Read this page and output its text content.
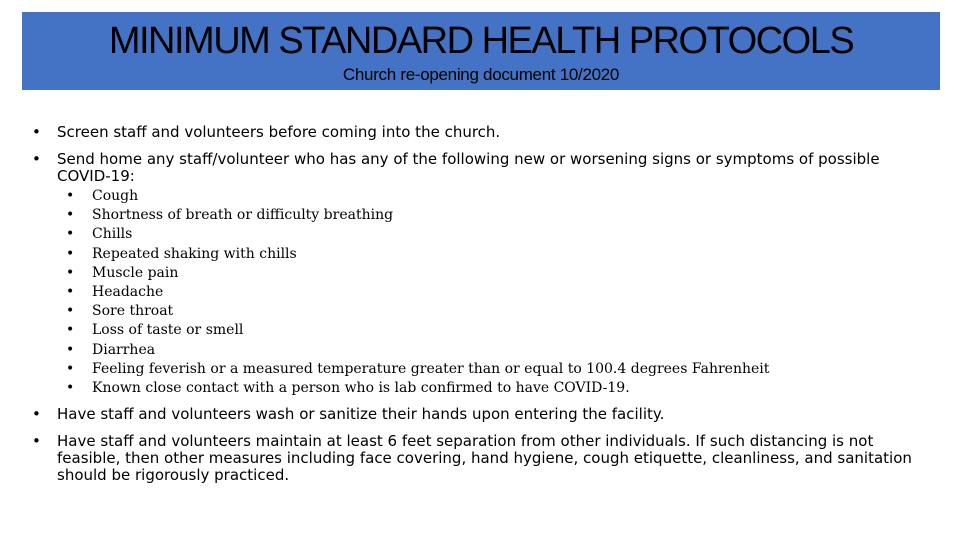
MINIMUM STANDARD HEALTH PROTOCOLS
Church re-opening document 10/2020
• Screen staff and volunteers before coming into the church.
• Send home any staff/volunteer who has any of the following new or worsening signs or symptoms of possible COVID-19:
• Cough
• Shortness of breath or difficulty breathing
• Chills
• Repeated shaking with chills
• Muscle pain
• Headache
• Sore throat
• Loss of taste or smell
• Diarrhea
• Feeling feverish or a measured temperature greater than or equal to 100.4 degrees Fahrenheit
• Known close contact with a person who is lab confirmed to have COVID-19.
• Have staff and volunteers wash or sanitize their hands upon entering the facility.
• Have staff and volunteers maintain at least 6 feet separation from other individuals. If such distancing is not feasible, then other measures including face covering, hand hygiene, cough etiquette, cleanliness, and sanitation should be rigorously practiced.
